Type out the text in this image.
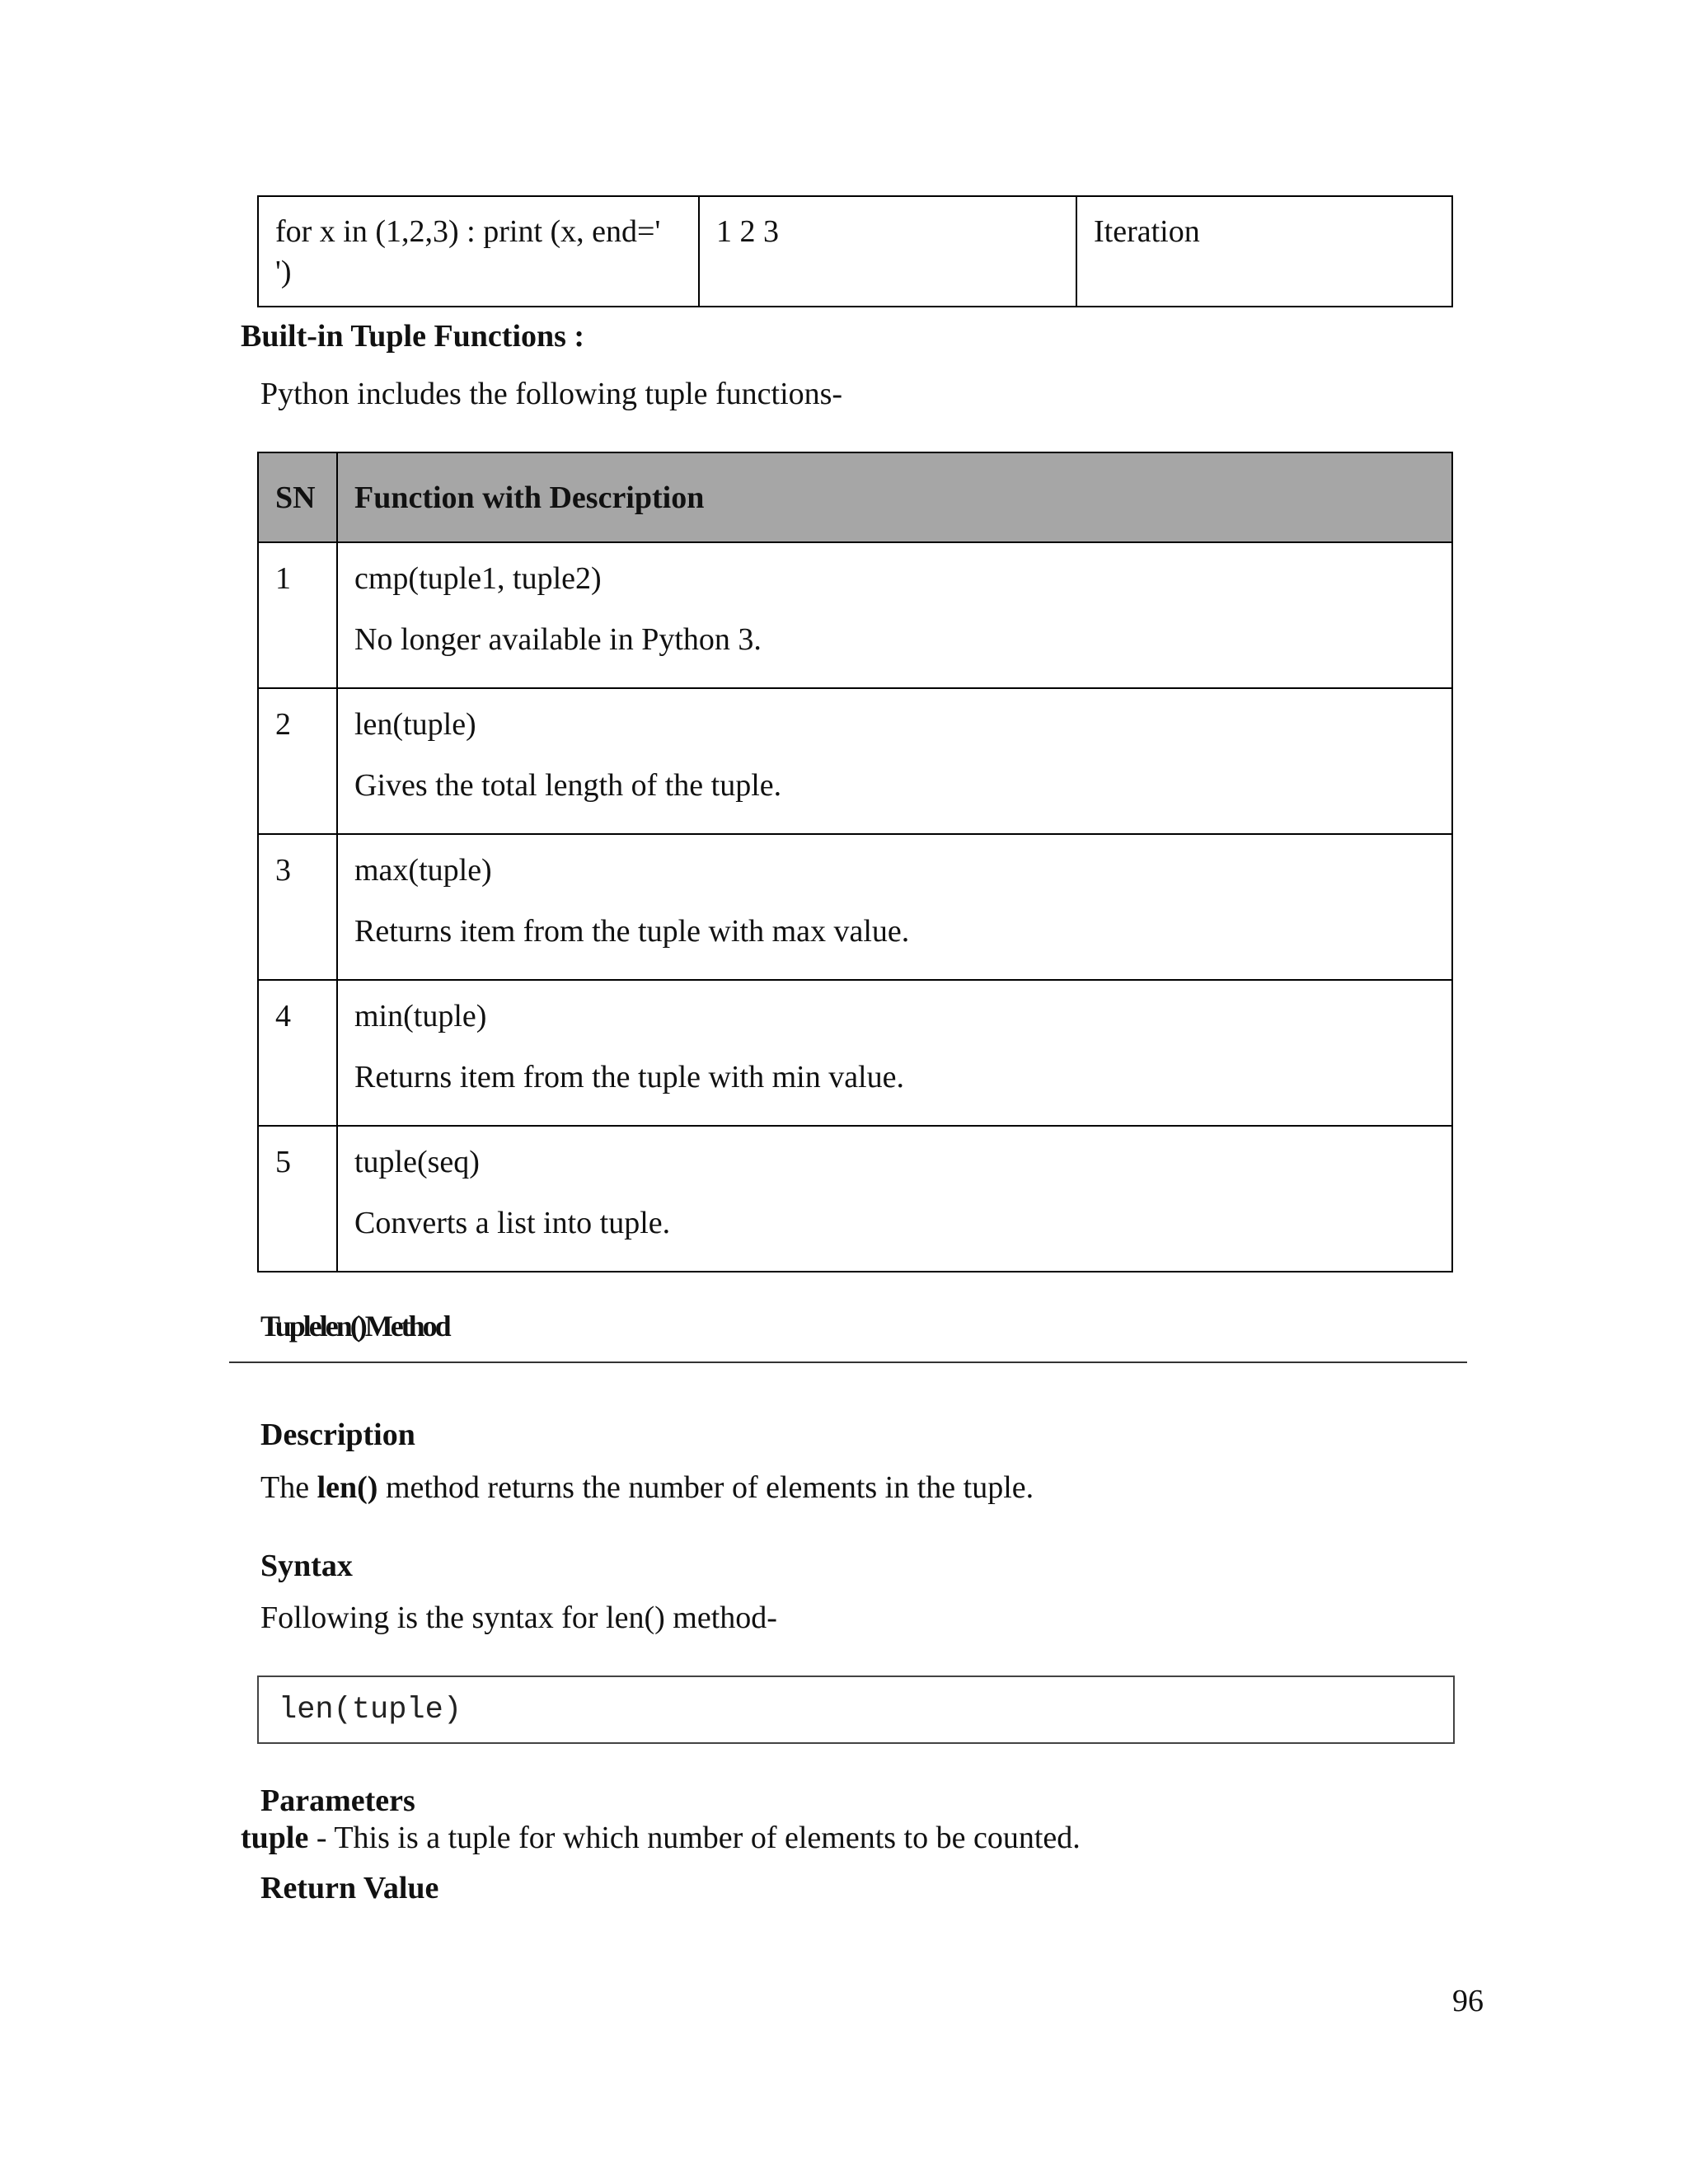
for x in (1,2,3) : print (x, end=' ')	1 2 3	Iteration
Built-in Tuple Functions :
Python includes the following tuple functions-
SN	Function with Description
1	cmp(tuple1, tuple2)
No longer available in Python 3.

2	len(tuple)
Gives the total length of the tuple.

3	max(tuple)
Returns item from the tuple with max value.

4	min(tuple)
Returns item from the tuple with min value.

5	tuple(seq)
Converts a list into tuple.
Tuplelen()Method
Description
The len() method returns the number of elements in the tuple.
Syntax
Following is the syntax for len() method-
len(tuple)
Parameters
tuple - This is a tuple for which number of elements to be counted.
Return Value
96
